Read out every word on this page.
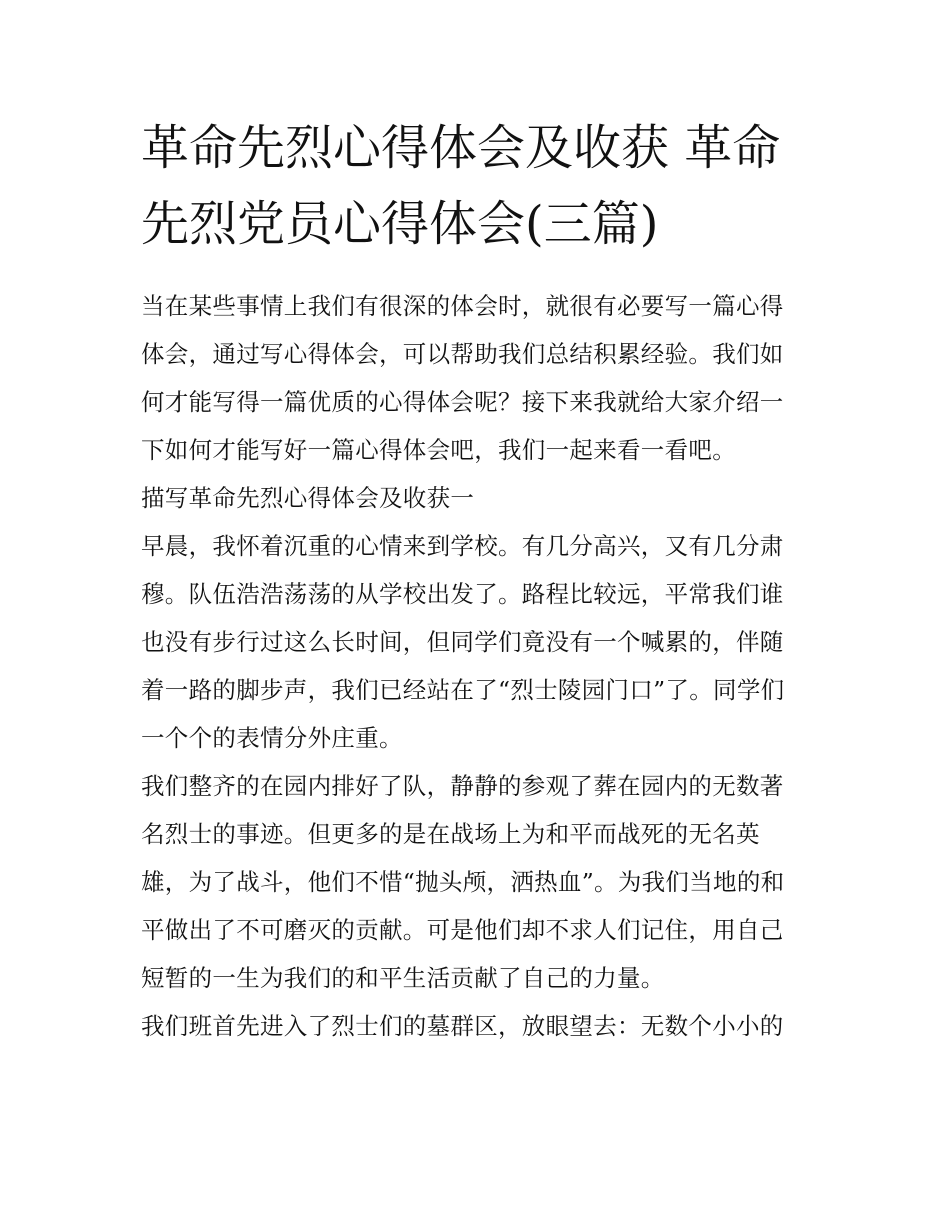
革命先烈心得体会及收获 革命
先烈党员心得体会(三篇)
当在某些事情上我们有很深的体会时，就很有必要写一篇心得
体会，通过写心得体会，可以帮助我们总结积累经验。我们如
何才能写得一篇优质的心得体会呢？接下来我就给大家介绍一
下如何才能写好一篇心得体会吧，我们一起来看一看吧。
描写革命先烈心得体会及收获一
早晨，我怀着沉重的心情来到学校。有几分高兴，又有几分肃
穆。队伍浩浩荡荡的从学校出发了。路程比较远，平常我们谁
也没有步行过这么长时间，但同学们竟没有一个喊累的，伴随
着一路的脚步声，我们已经站在了“烈士陵园门口”了。同学们
一个个的表情分外庄重。
我们整齐的在园内排好了队，静静的参观了葬在园内的无数著
名烈士的事迹。但更多的是在战场上为和平而战死的无名英
雄，为了战斗，他们不惜“抛头颅，洒热血”。为我们当地的和
平做出了不可磨灭的贡献。可是他们却不求人们记住，用自己
短暂的一生为我们的和平生活贡献了自己的力量。
我们班首先进入了烈士们的墓群区，放眼望去：无数个小小的
